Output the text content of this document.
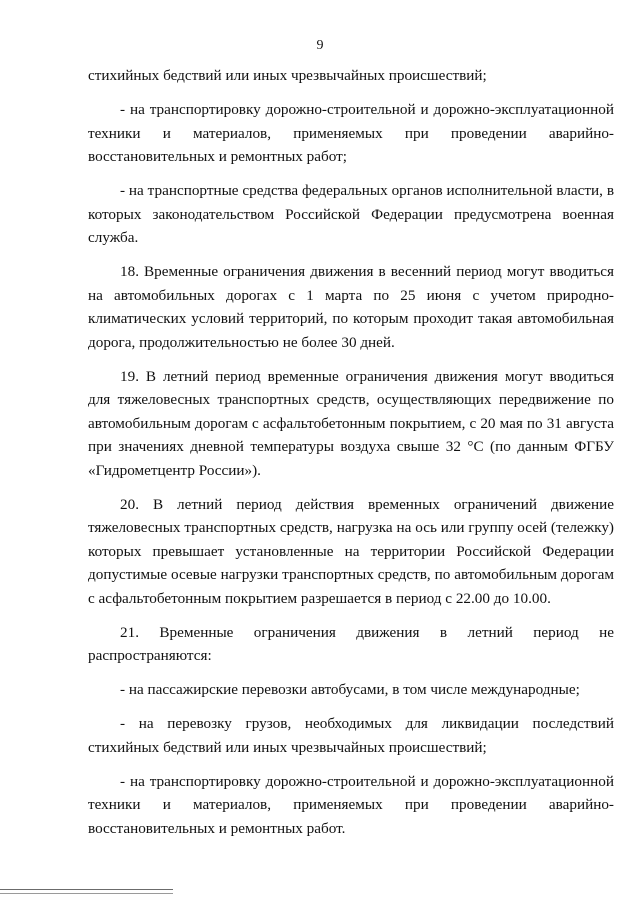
9

стихийных бедствий или иных чрезвычайных происшествий;

- на транспортировку дорожно-строительной и дорожно-эксплуатационной техники и материалов, применяемых при проведении аварийно-восстановительных и ремонтных работ;

- на транспортные средства федеральных органов исполнительной власти, в которых законодательством Российской Федерации предусмотрена военная служба.

18. Временные ограничения движения в весенний период могут вводиться на автомобильных дорогах с 1 марта по 25 июня с учетом природно-климатических условий территорий, по которым проходит такая автомобильная дорога, продолжительностью не более 30 дней.

19. В летний период временные ограничения движения могут вводиться для тяжеловесных транспортных средств, осуществляющих передвижение по автомобильным дорогам с асфальтобетонным покрытием, с 20 мая по 31 августа при значениях дневной температуры воздуха свыше 32 °С (по данным ФГБУ «Гидрометцентр России»).

20. В летний период действия временных ограничений движение тяжеловесных транспортных средств, нагрузка на ось или группу осей (тележку) которых превышает установленные на территории Российской Федерации допустимые осевые нагрузки транспортных средств, по автомобильным дорогам с асфальтобетонным покрытием разрешается в период с 22.00 до 10.00.

21. Временные ограничения движения в летний период не распространяются:

- на пассажирские перевозки автобусами, в том числе международные;

- на перевозку грузов, необходимых для ликвидации последствий стихийных бедствий или иных чрезвычайных происшествий;

- на транспортировку дорожно-строительной и дорожно-эксплуатационной техники и материалов, применяемых при проведении аварийно-восстановительных и ремонтных работ.
